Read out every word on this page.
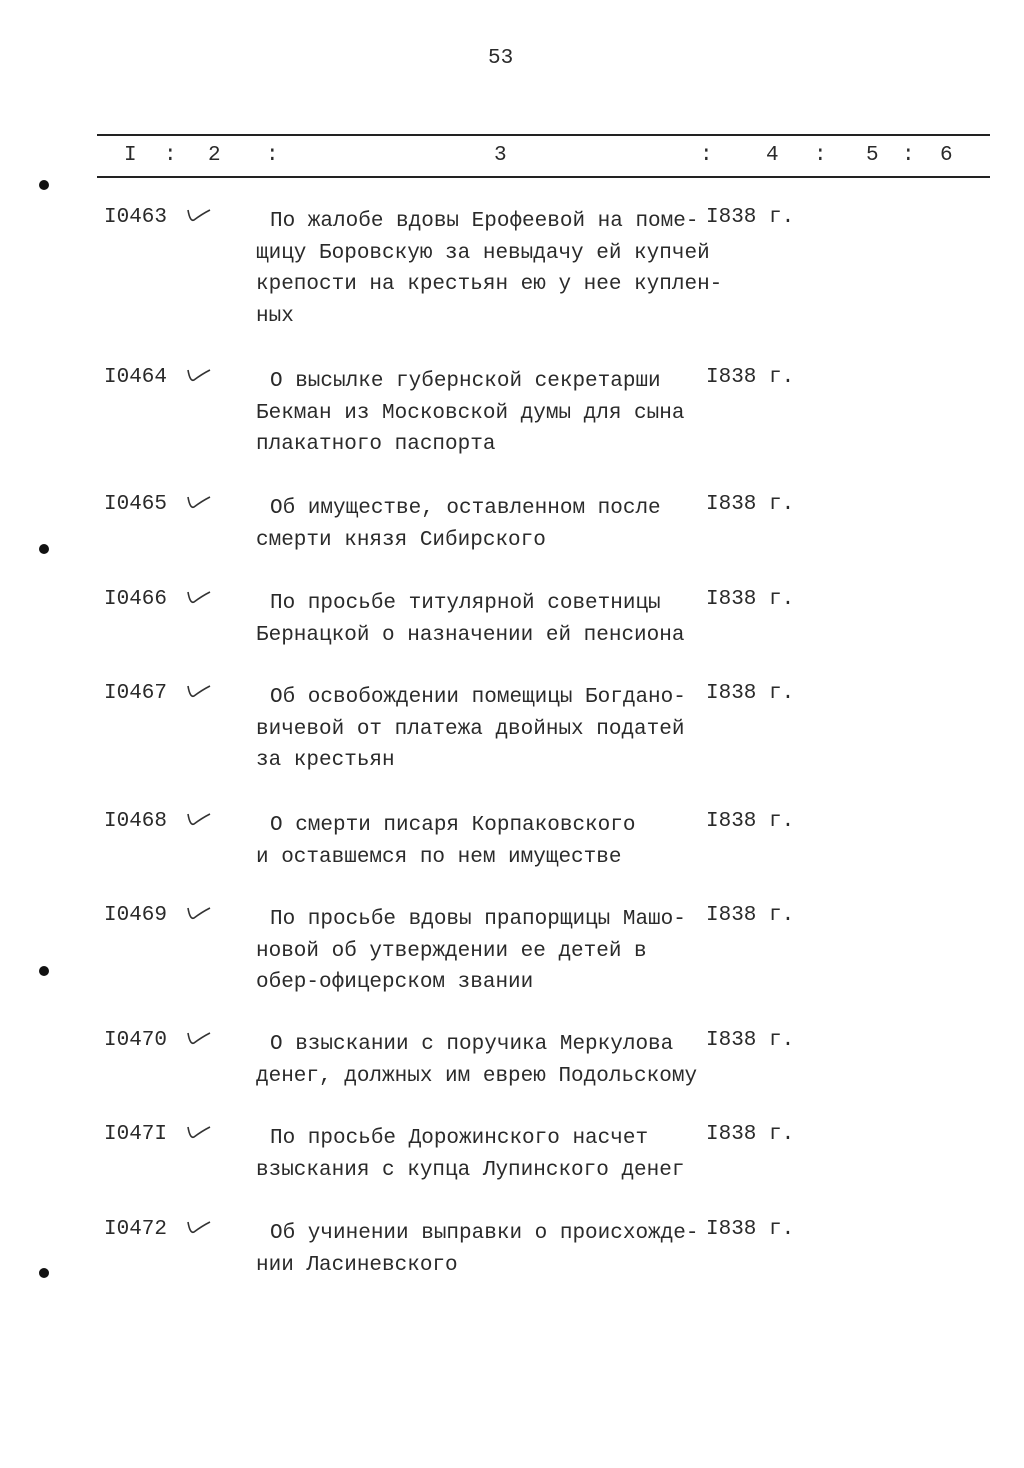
53
I : 2 :	3	:	4 : 5 : 6
I0463	По жалобе вдовы Ерофеевой на поме-
щицу Боровскую за невыдачу ей купчей
крепости на крестьян ею у нее куплен-
ных
I838 г.
I0464	О высылке губернской секретарши
Бекман из Московской думы для сына
плакатного паспорта
I838 г.
I0465	Об имуществе, оставленном после
смерти князя Сибирского
I838 г.
I0466	По просьбе титулярной советницы
Бернацкой о назначении ей пенсиона
I838 г.
I0467	Об освобождении помещицы Богдано-
вичевой от платежа двойных податей
за крестьян
I838 г.
I0468	О смерти писаря Корпаковского
и оставшемся по нем имуществе
I838 г.
I0469	По просьбе вдовы прапорщицы Машо-
новой об утверждении ее детей в
обер-офицерском звании
I838 г.
I0470	О взыскании с поручика Меркулова
денег, должных им еврею Подольскому
I838 г.
I047I	По просьбе Дорожинского насчет
взыскания с купца Лупинского денег
I838 г.
I0472	Об учинении выправки о происхожде-
нии Ласиневского
I838 г.
